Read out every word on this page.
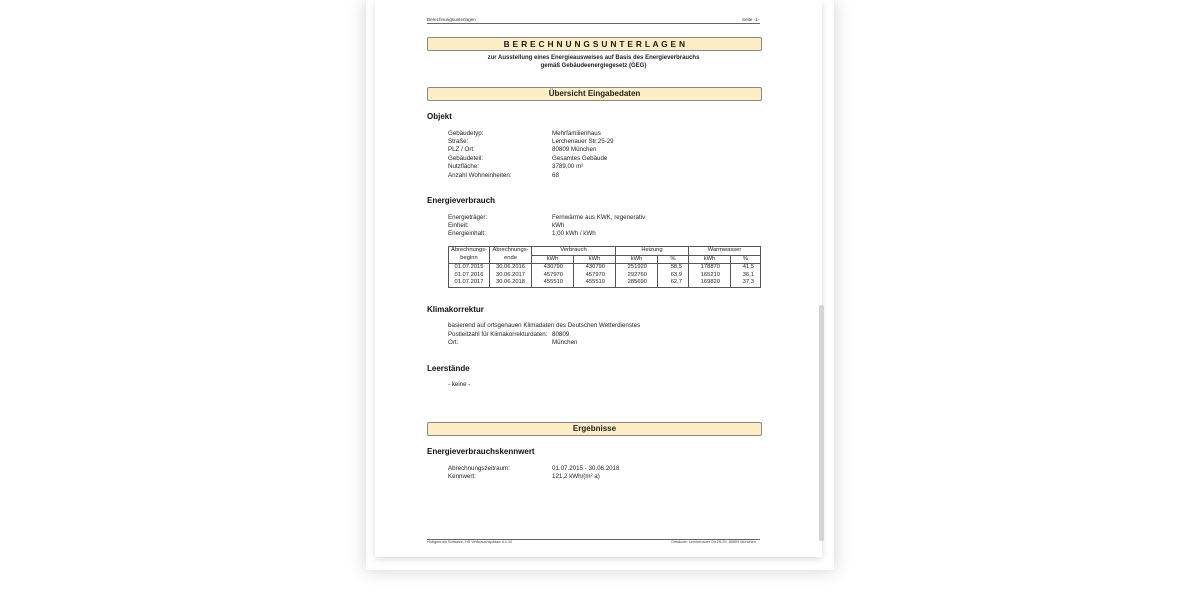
Berechnungsunterlagen	Seite -1-
B E R E C H N U N G S U N T E R L A G E N
zur Ausstellung eines Energieausweises auf Basis des Energieverbrauchs
gemäß Gebäudeenergiegesetz (GEG)
Übersicht Eingabedaten
Objekt
Gebäudetyp:	Mehrfamilienhaus
Straße:	Lerchenauer Str.25-29
PLZ / Ort:	80809 München
Gebäudeteil:	Gesamtes Gebäude
Nutzfläche:	3789,00 m²
Anzahl Wohneinheiten:	68
Energieverbrauch
Energieträger:	Fernwärme aus KWK, regenerativ
Einheit:	kWh
Energieinhalt:	1,00 kWh / kWh
Abrechnungs-	Abrechnungs-	Verbrauch		Heizung		Warmwasser	
beginn	ende	kWh	kWh	kWh	%	kWh	%
01.07.2015	30.06.2016	430790	430790	251920	58,5	178870	41,5
01.07.2016	30.06.2017	457970	457970	292760	63,9	165210	36,1
01.07.2017	30.06.2018	455510	455510	285690	62,7	169820	37,3
Klimakorrektur
basierend auf ortsgenauen Klimadaten des Deutschen Wetterdienstes
Postleitzahl für Klimakorrekturdaten: 80809
Ort:	München
Leerstände
- keine -
Ergebnisse
Energieverbrauchskennwert
Abrechnungszeitraum:	01.07.2015 - 30.06.2018
Kennwert:	121,2 kWh/(m² a)
Hottgenroth Software, HS Verbrauchspässe 4.1.10	Gebäude: Lerchenauer Str.25-29, 80809 München
